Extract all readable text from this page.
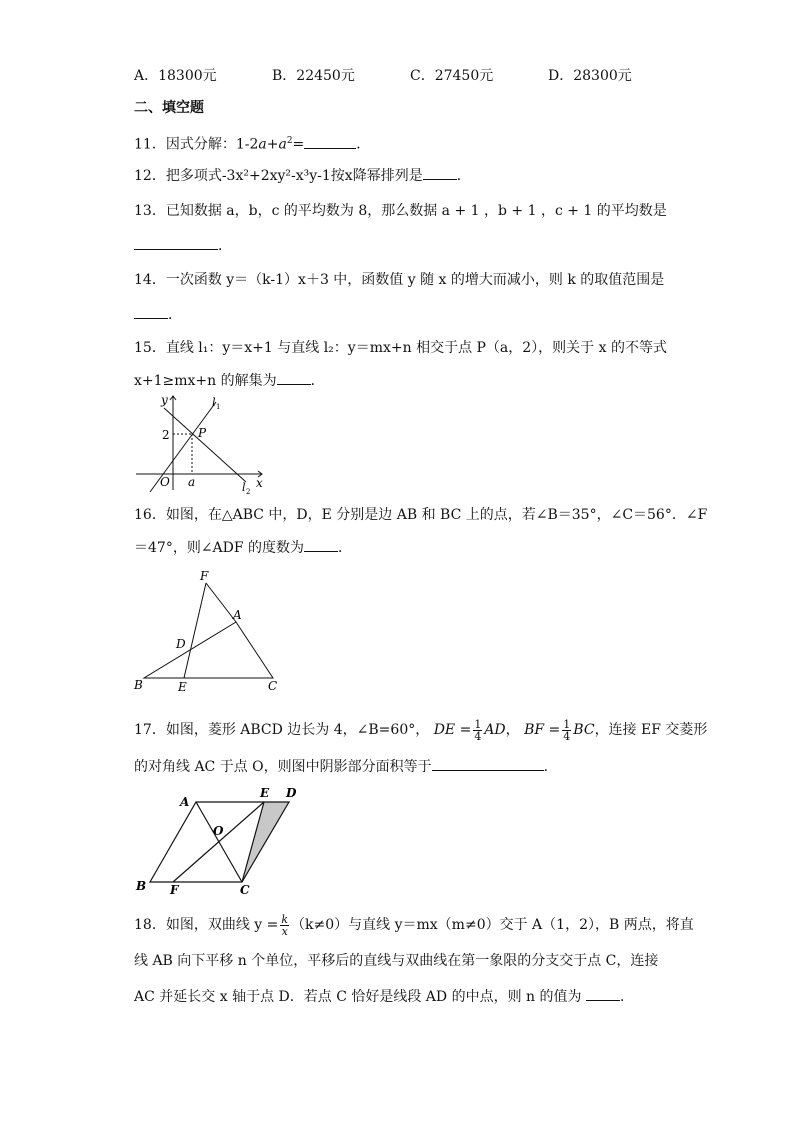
A．18300元	B．22450元	C．27450元	D．28300元
二、填空题
11．因式分解：$1-2a+a^2=$	．
12．把多项式-3x²+2xy²-x³y-1按x降幂排列是 ．
13．已知数据 a，b，c 的平均数为 8，那么数据 a + 1 ，b + 1 ，c + 1 的平均数是
．
14．一次函数 y＝（k-1）x＋3 中，函数值 y 随 x 的增大而减小，则 k 的取值范围是
．
15．直线 l₁：y＝x+1 与直线 l₂：y＝mx+n 相交于点 P（a，2），则关于 x 的不等式
x+1≥mx+n 的解集为 ．
y
x
O a
2 P
l 1
l 2
16．如图，在△ABC 中，D，E 分别是边 AB 和 BC 上的点，若∠B＝35°，∠C＝56°．∠F
＝47°，则∠ADF 的度数为 ．
F
A
D
B	E	C
17．如图，菱形 ABCD 边长为 4，∠B=60°， DE = $\frac{1}{4}$ AD， BF = $\frac{1}{4}$ BC，连接 EF 交菱形
的对角线 AC 于点 O，则图中阴影部分面积等于	．
A
E D
O
B F	C
18．如图，双曲线 $y = \frac{k}{x} (k\ne 0)$与直线 y＝mx（m≠0）交于 A（1，2），B 两点，将直
线 AB 向下平移 n 个单位，平移后的直线与双曲线在第一象限的分支交于点 C，连接
AC 并延长交 x 轴于点 D．若点 C 恰好是线段 AD 的中点，则 n 的值为	．
